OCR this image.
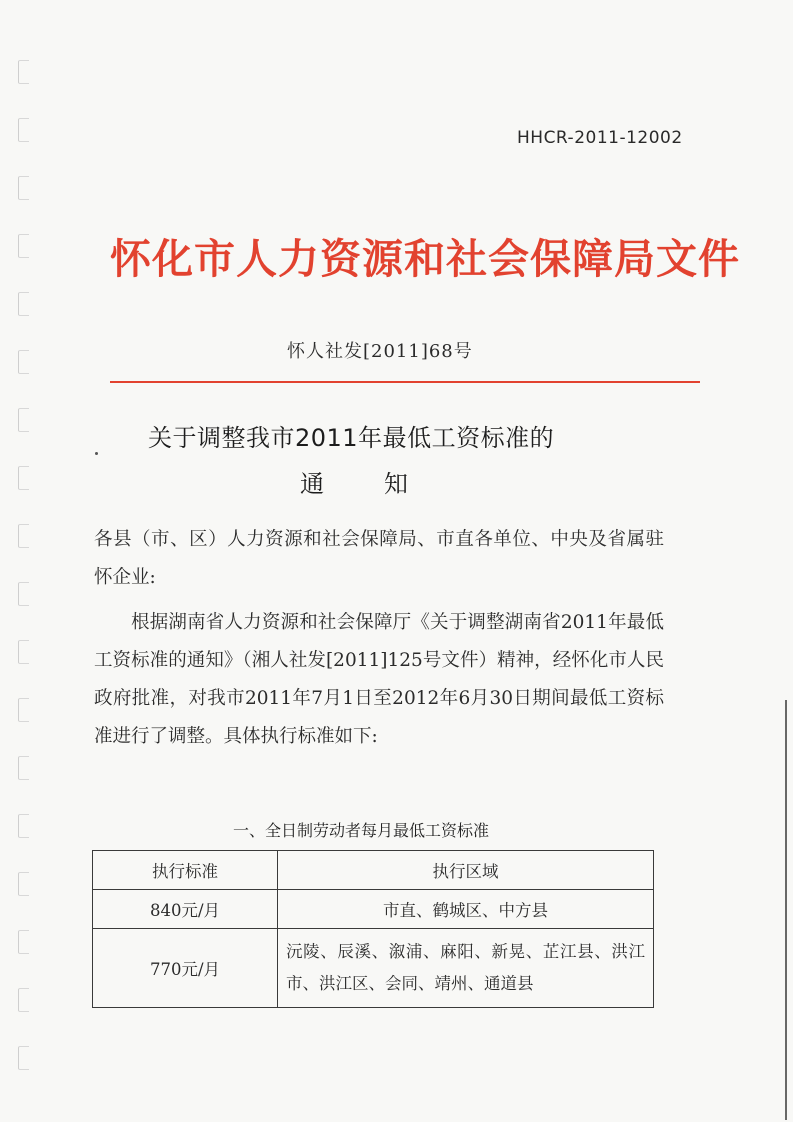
HHCR-2011-12002
怀化市人力资源和社会保障局文件
怀人社发[2011]68号
关于调整我市2011年最低工资标准的
通知
各县（市、区）人力资源和社会保障局、市直各单位、中央及省属驻怀企业:
根据湖南省人力资源和社会保障厅《关于调整湖南省2011年最低工资标准的通知》（湘人社发[2011]125号文件）精神，经怀化市人民政府批准，对我市2011年7月1日至2012年6月30日期间最低工资标准进行了调整。具体执行标准如下:
一、全日制劳动者每月最低工资标准
执行标准	执行区域
840元/月	市直、鹤城区、中方县
770元/月	沅陵、辰溪、溆浦、麻阳、新晃、芷江县、洪江市、洪江区、会同、靖州、通道县
